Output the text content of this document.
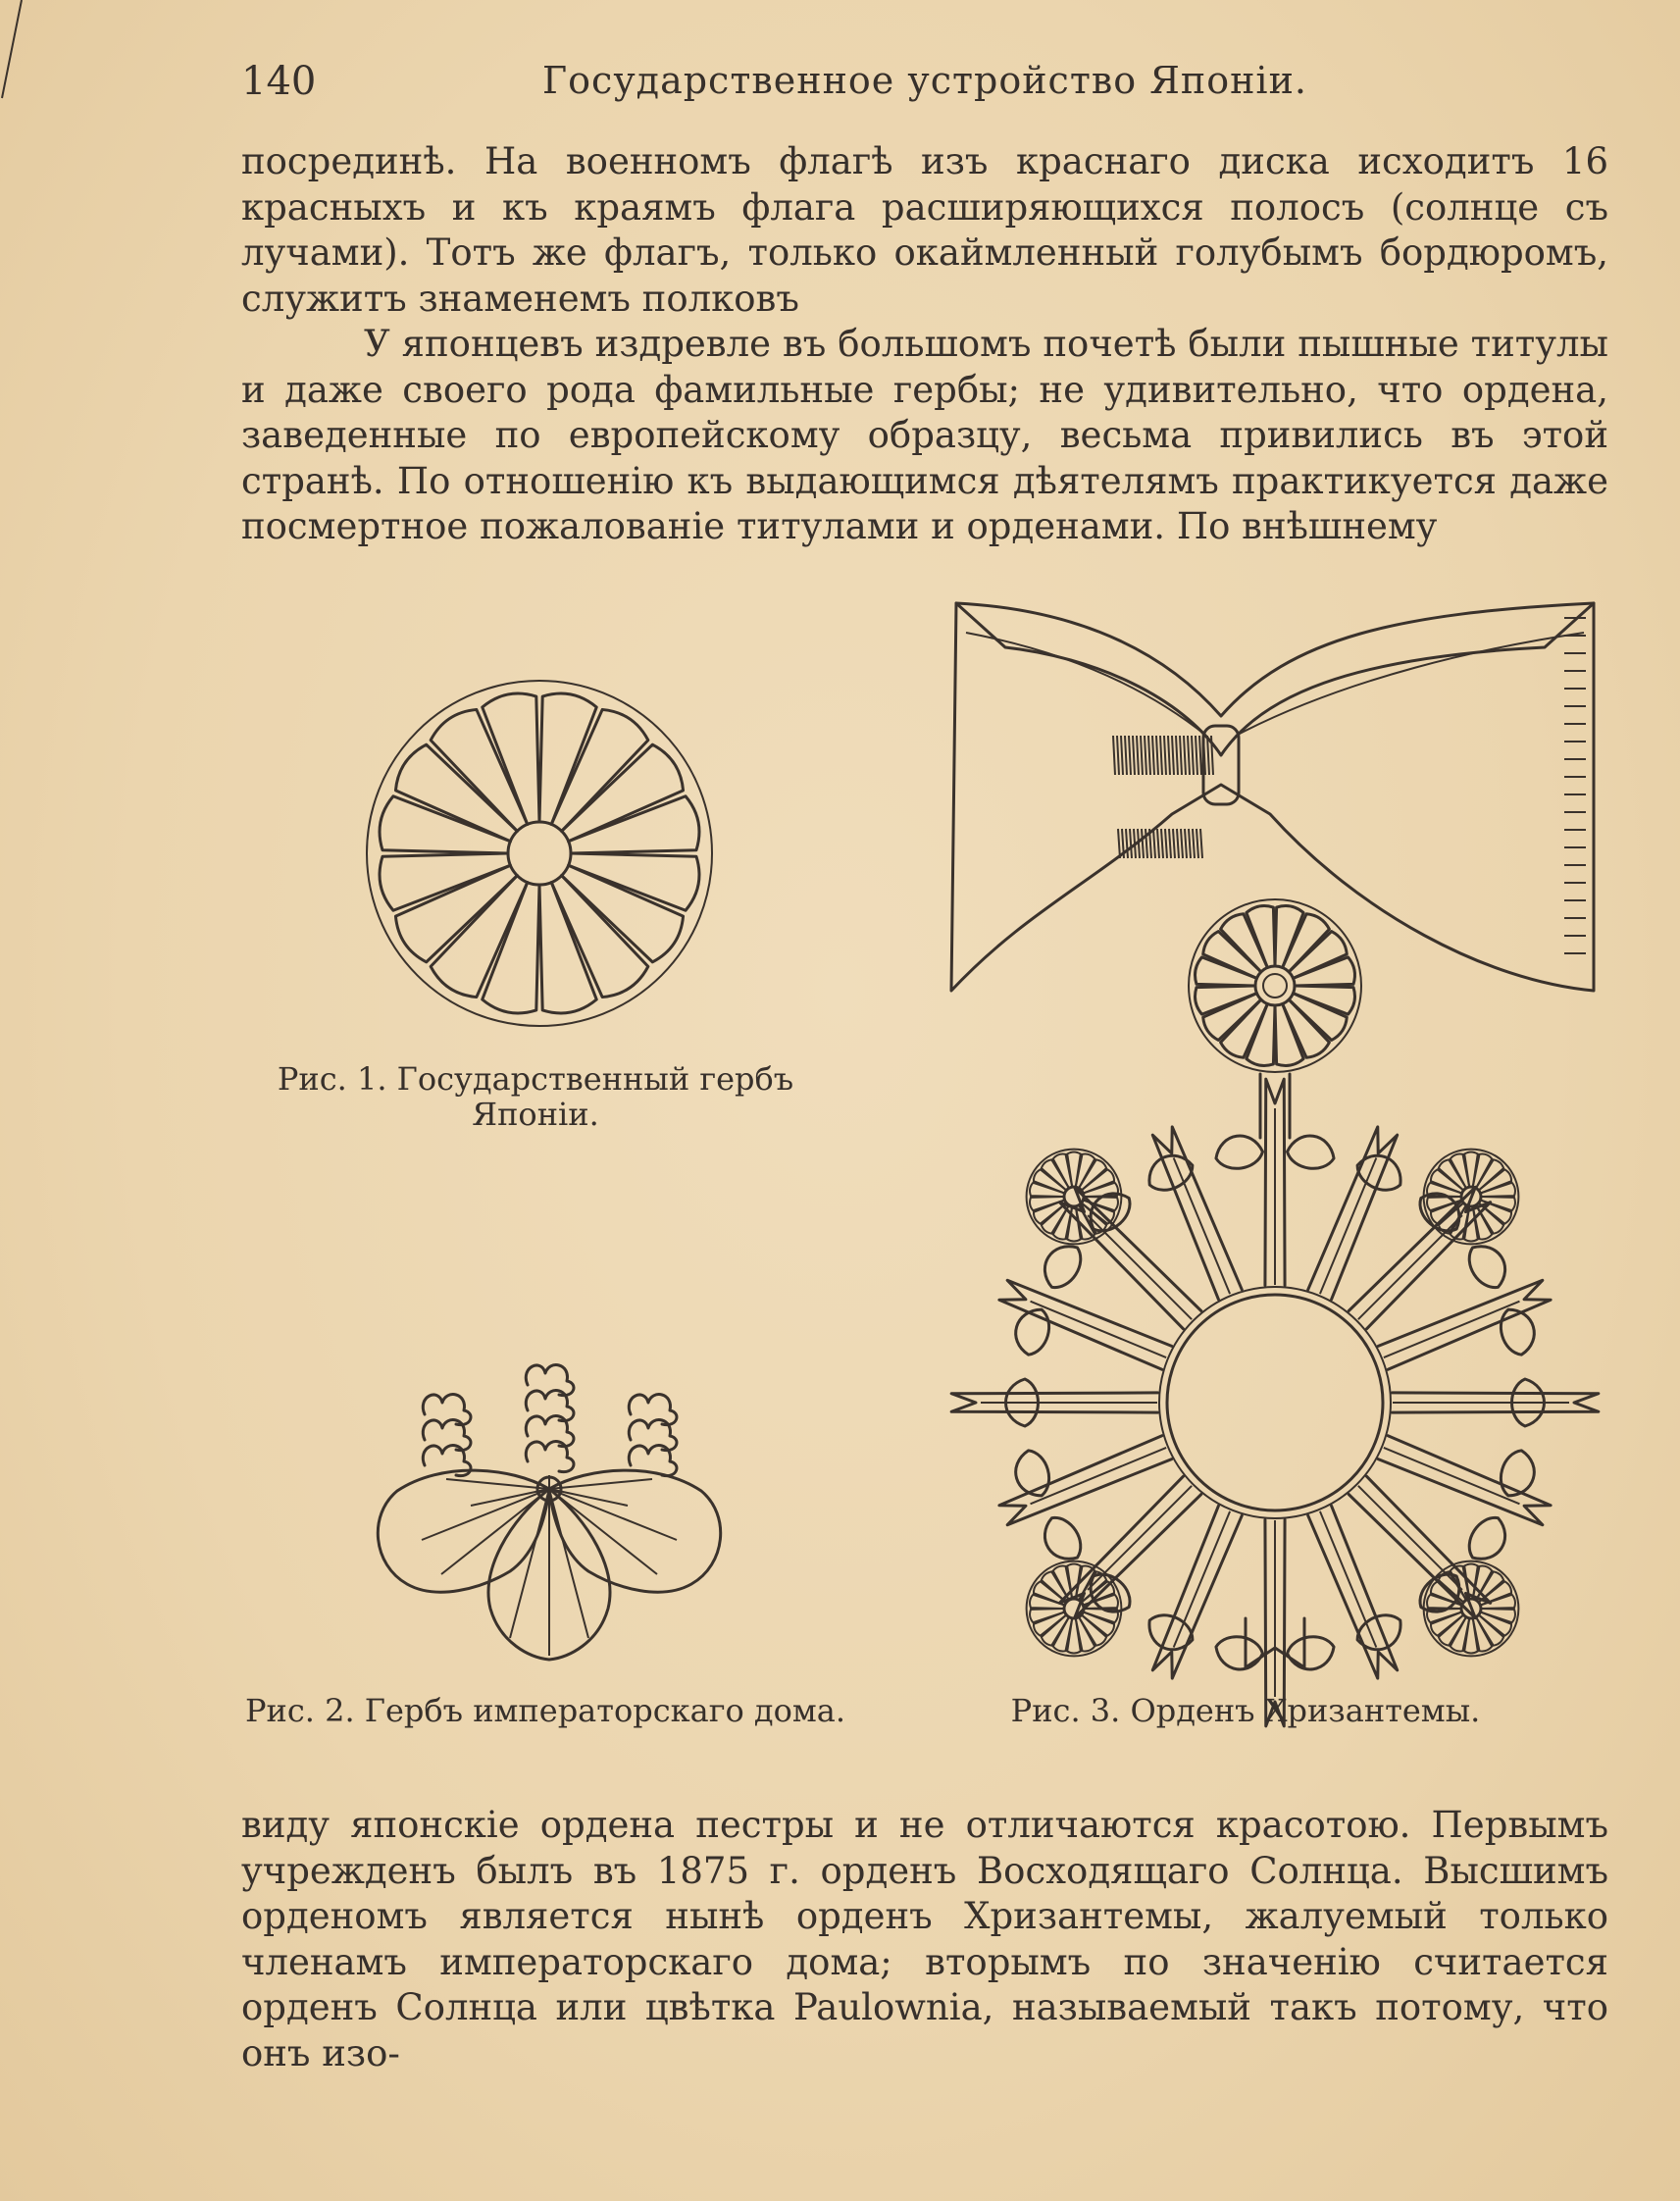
140	Государственное устройство Японіи.

посрединѣ. На военномъ флагѣ изъ краснаго диска исходитъ 16 красныхъ и къ краямъ флага расширяющихся полосъ (солнце съ лучами). Тотъ же флагъ, только окаймленный голубымъ бордюромъ, служитъ знаменемъ полковъ

У японцевъ издревле въ большомъ почетѣ были пышные титулы и даже своего рода фамильные гербы; не удивительно, что ордена, заведенные по европейскому образцу, весьма привились въ этой странѣ. По отношенію къ выдающимся дѣятелямъ практикуется даже посмертное пожалованіе титулами и орденами. По внѣшнему

Рис. 1. Государственный гербъ Японіи.
Рис. 2. Гербъ императорскаго дома.	Рис. 3. Орденъ Хризантемы.

виду японскіе ордена пестры и не отличаются красотою. Первымъ учрежденъ былъ въ 1875 г. орденъ Восходящаго Солнца. Высшимъ орденомъ является нынѣ орденъ Хризантемы, жалуемый только членамъ императорскаго дома; вторымъ по значенію считается орденъ Солнца или цвѣтка Paulownia, называемый такъ потому, что онъ изо-
